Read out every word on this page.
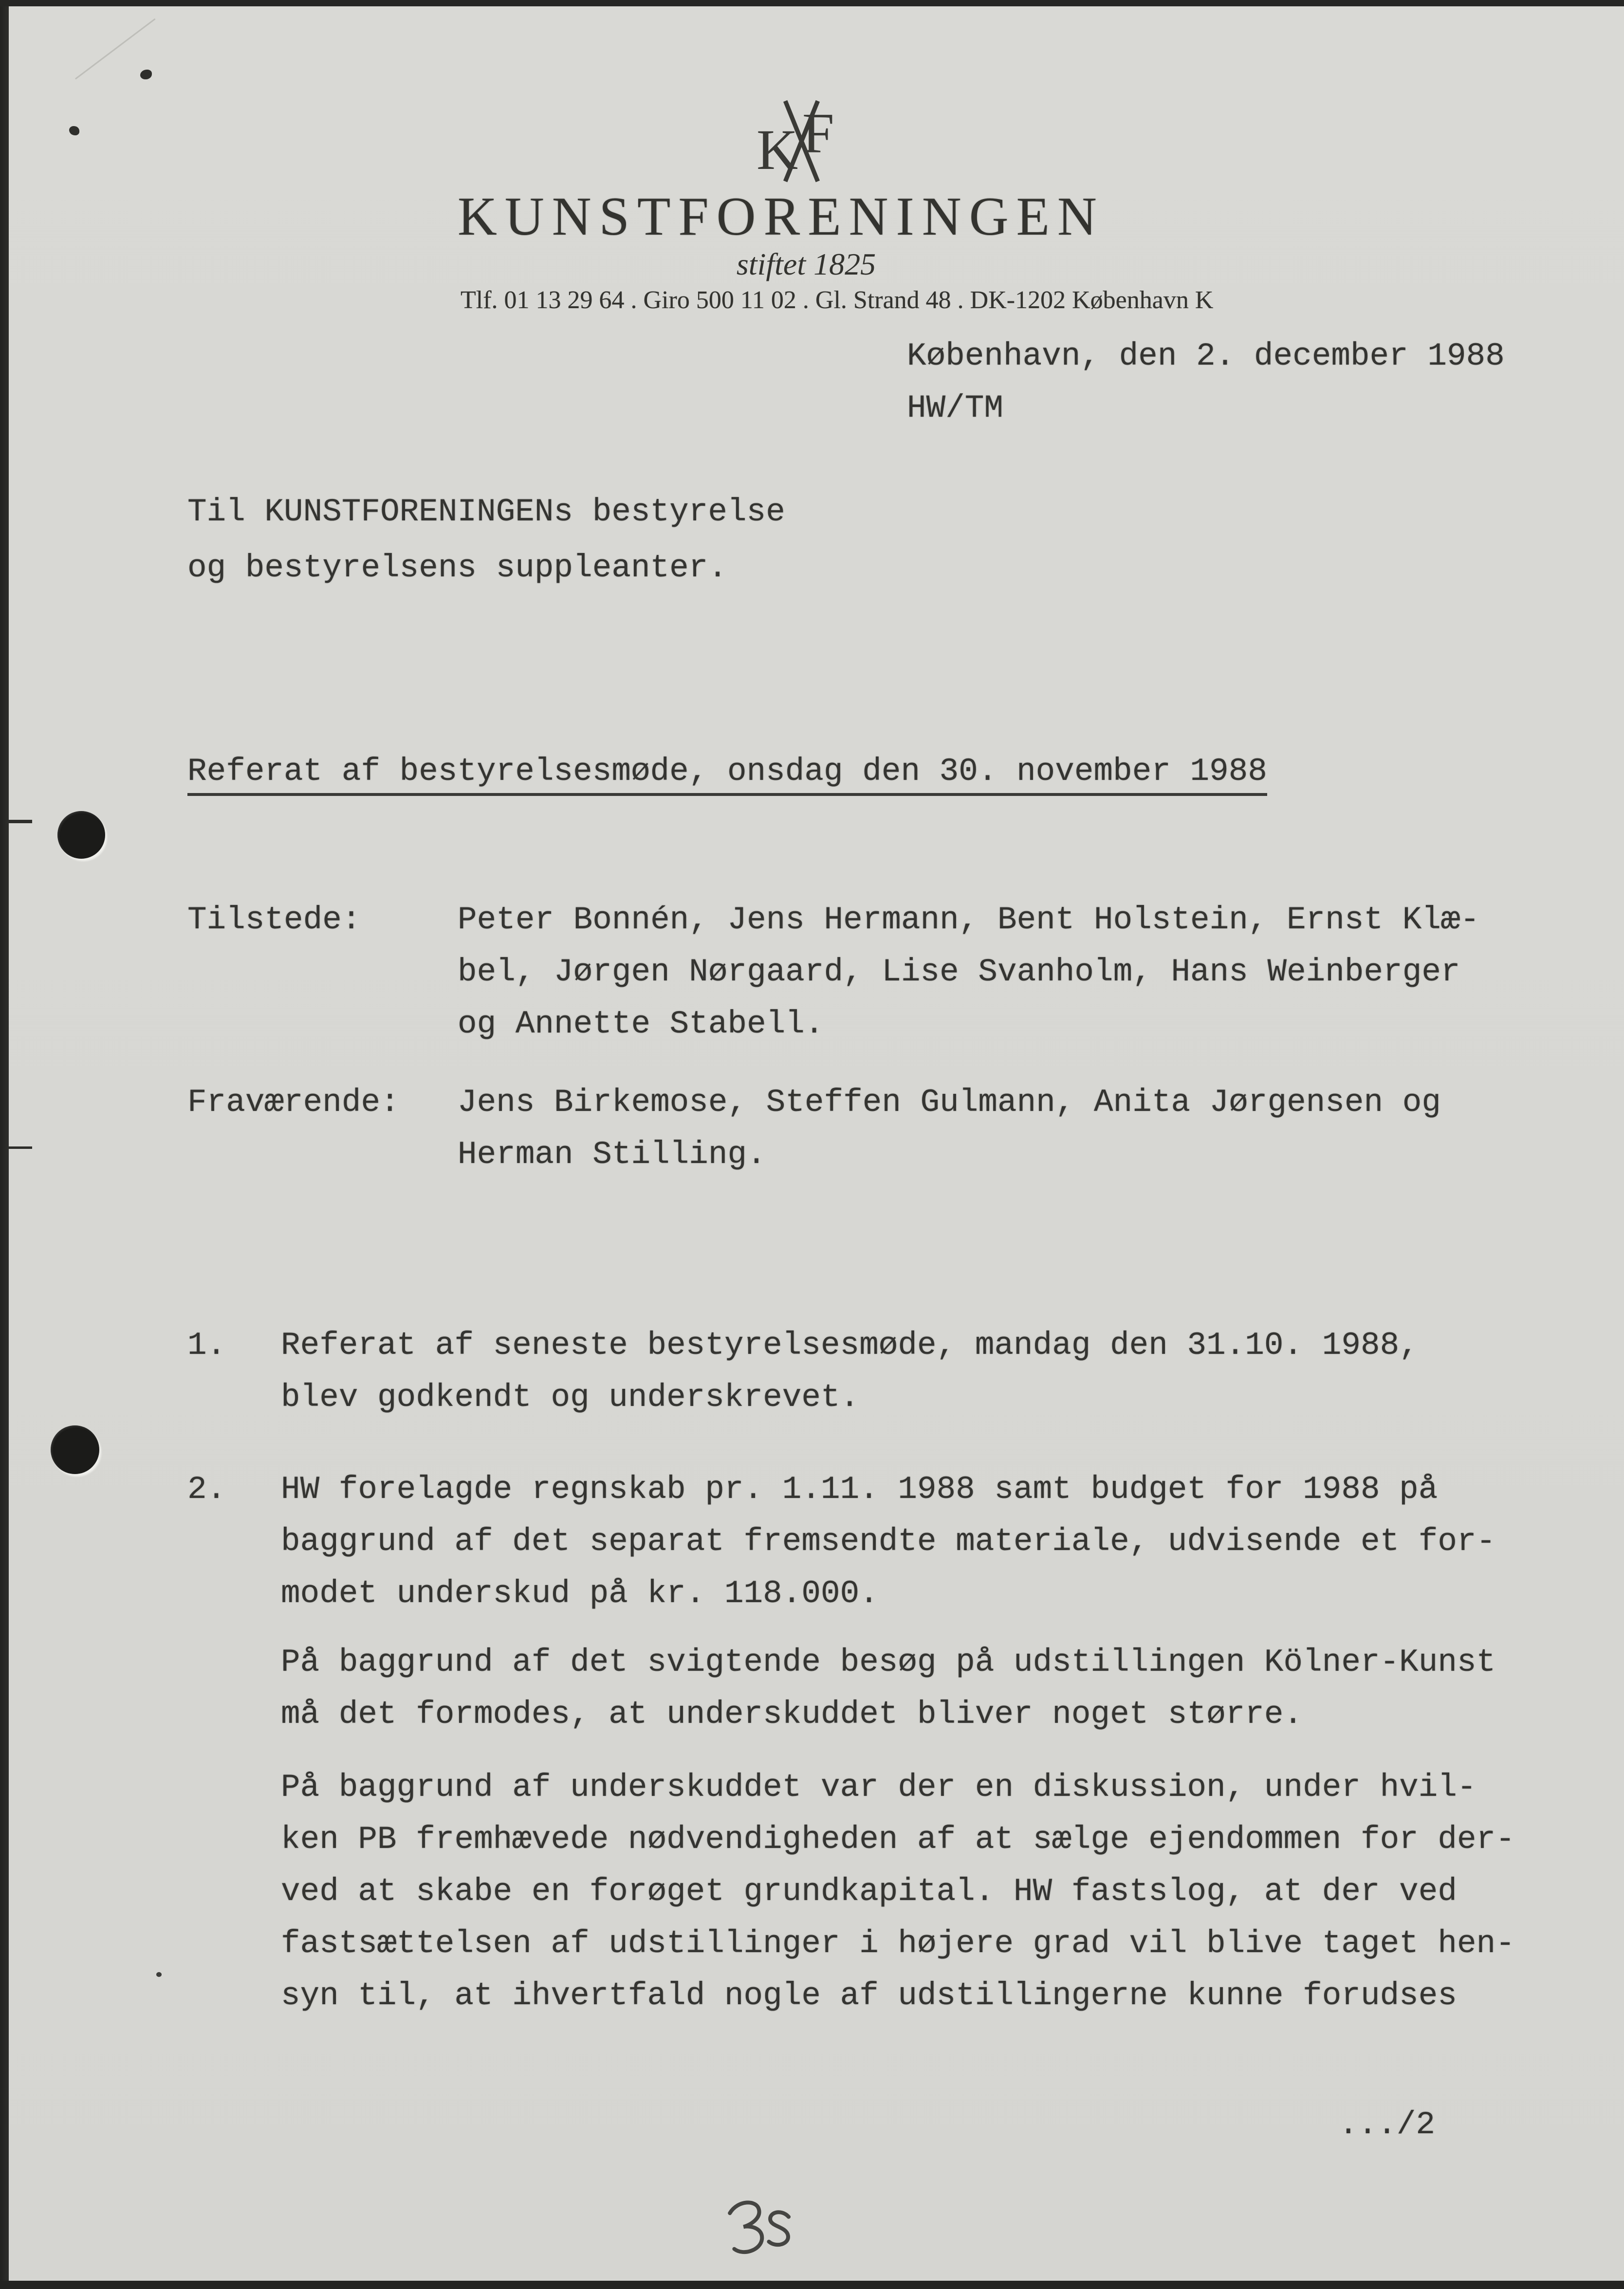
K F
KUNSTFORENINGEN
stiftet 1825
Tlf. 01 13 29 64 . Giro 500 11 02 . Gl. Strand 48 . DK-1202 København K
København, den 2. december 1988
HW/TM
Til KUNSTFORENINGENs bestyrelse
og bestyrelsens suppleanter.
Referat af bestyrelsesmøde, onsdag den 30. november 1988
Tilstede:	Peter Bonnén, Jens Hermann, Bent Holstein, Ernst Klæ-
bel, Jørgen Nørgaard, Lise Svanholm, Hans Weinberger
og Annette Stabell.
Fraværende: Jens Birkemose, Steffen Gulmann, Anita Jørgensen og
Herman Stilling.
1. Referat af seneste bestyrelsesmøde, mandag den 31.10. 1988,
blev godkendt og underskrevet.
2. HW forelagde regnskab pr. 1.11. 1988 samt budget for 1988 på
baggrund af det separat fremsendte materiale, udvisende et for-
modet underskud på kr. 118.000.
På baggrund af det svigtende besøg på udstillingen Kölner-Kunst
må det formodes, at underskuddet bliver noget større.
På baggrund af underskuddet var der en diskussion, under hvil-
ken PB fremhævede nødvendigheden af at sælge ejendommen for der-
ved at skabe en forøget grundkapital. HW fastslog, at der ved
fastsættelsen af udstillinger i højere grad vil blive taget hen-
syn til, at ihvertfald nogle af udstillingerne kunne forudses
.../2
